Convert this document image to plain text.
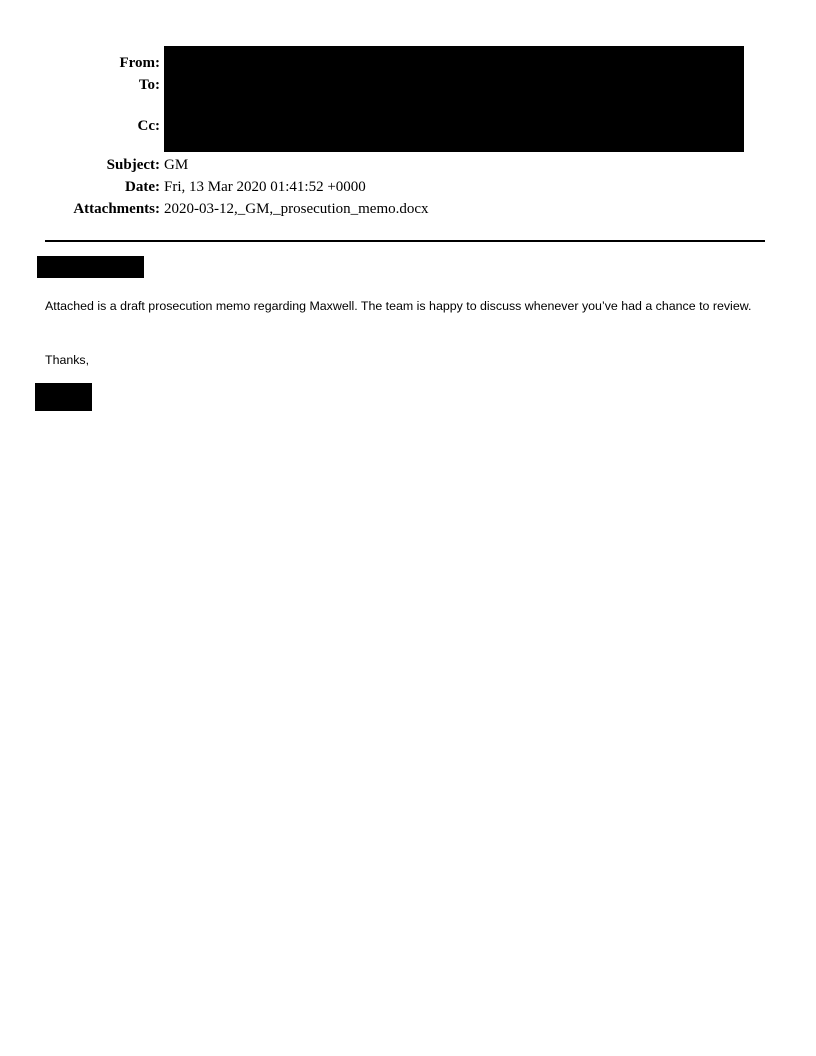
From:
To:
Cc:
Subject: GM
Date: Fri, 13 Mar 2020 01:41:52 +0000
Attachments: 2020-03-12,_GM,_prosecution_memo.docx
Attached is a draft prosecution memo regarding Maxwell. The team is happy to discuss whenever you’ve had a chance to review.
Thanks,
